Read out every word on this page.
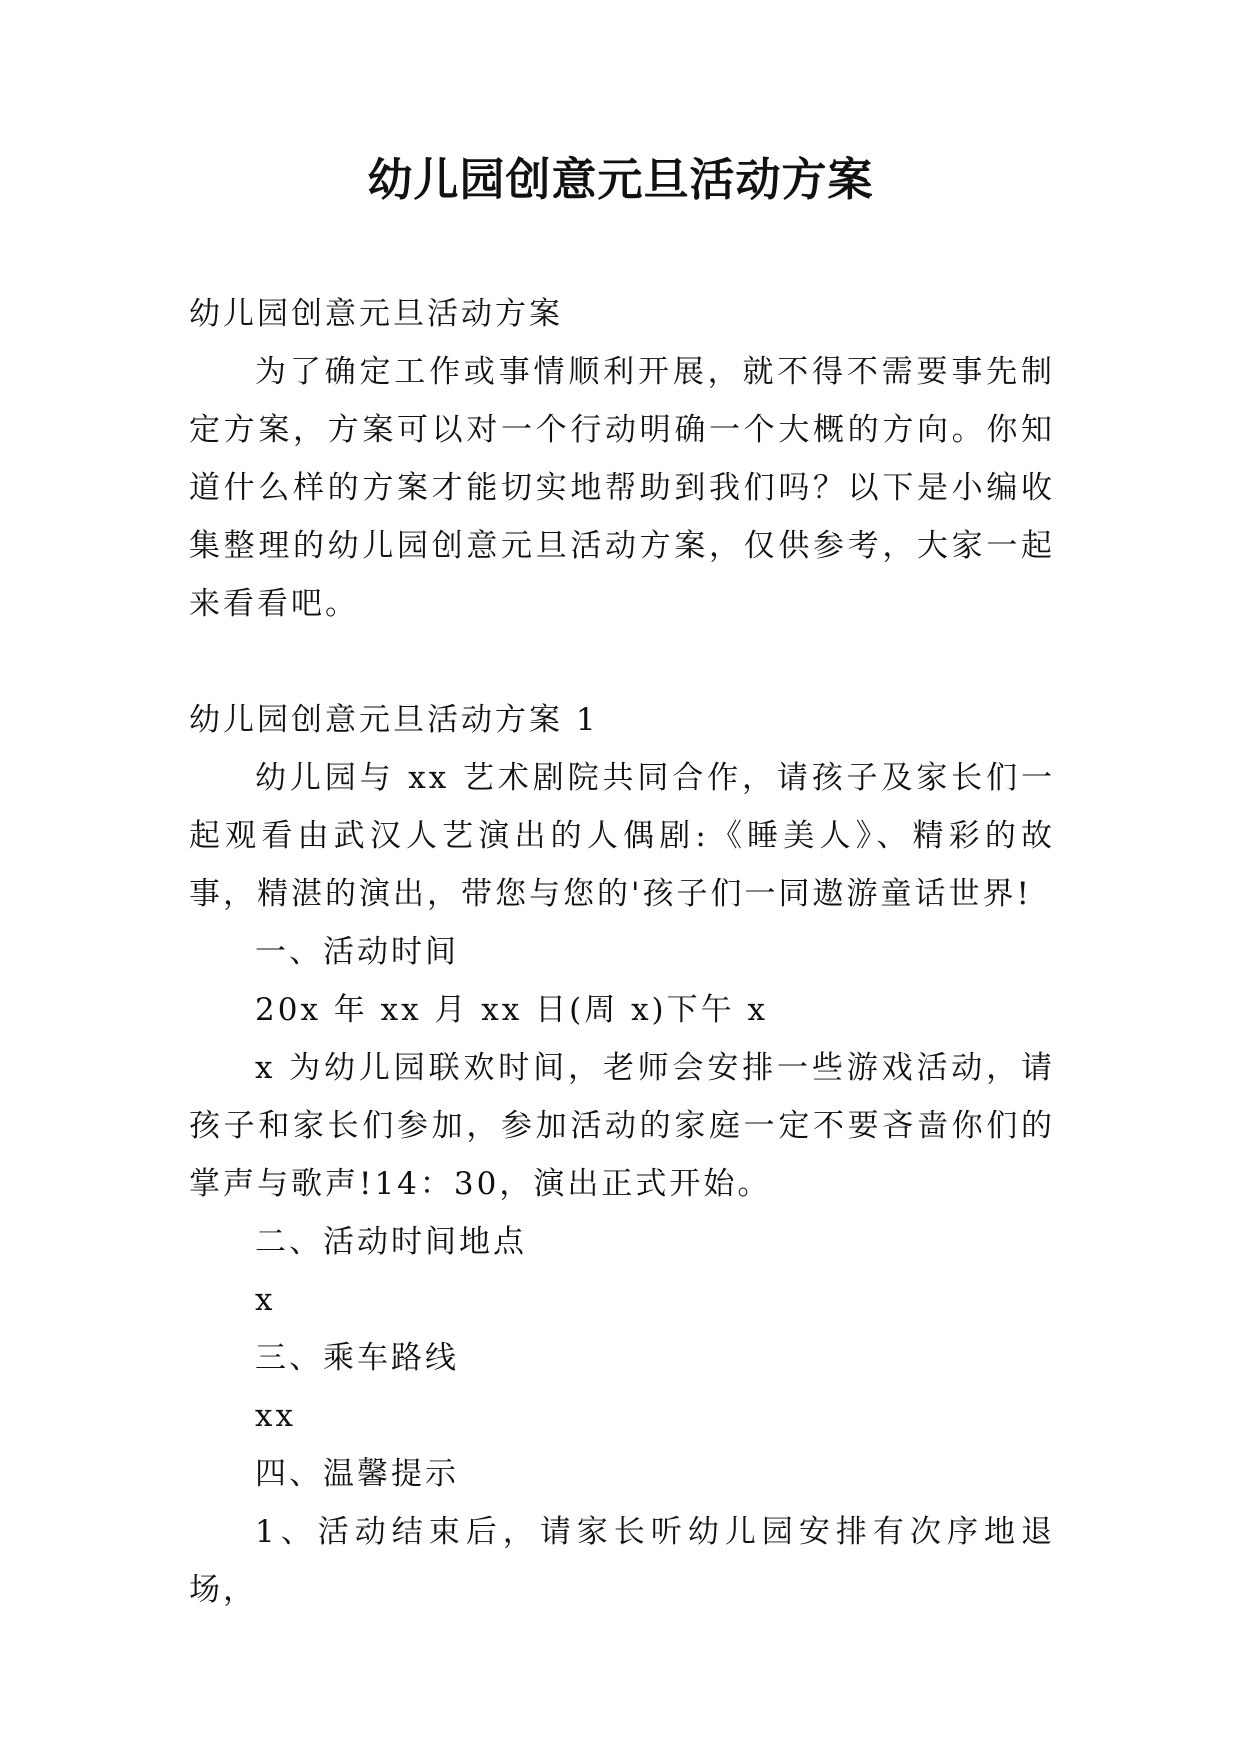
幼儿园创意元旦活动方案

幼儿园创意元旦活动方案

为了确定工作或事情顺利开展，就不得不需要事先制定方案，方案可以对一个行动明确一个大概的方向。你知道什么样的方案才能切实地帮助到我们吗？以下是小编收集整理的幼儿园创意元旦活动方案，仅供参考，大家一起来看看吧。

幼儿园创意元旦活动方案 1

幼儿园与 xx 艺术剧院共同合作，请孩子及家长们一起观看由武汉人艺演出的人偶剧:《睡美人》、精彩的故事，精湛的演出，带您与您的'孩子们一同遨游童话世界!

一、活动时间

20x 年 xx 月 xx 日(周 x)下午 x

x 为幼儿园联欢时间，老师会安排一些游戏活动，请孩子和家长们参加，参加活动的家庭一定不要吝啬你们的掌声与歌声!14：30，演出正式开始。

二、活动时间地点

x

三、乘车路线

xx

四、温馨提示

1、活动结束后，请家长听幼儿园安排有次序地退场，
